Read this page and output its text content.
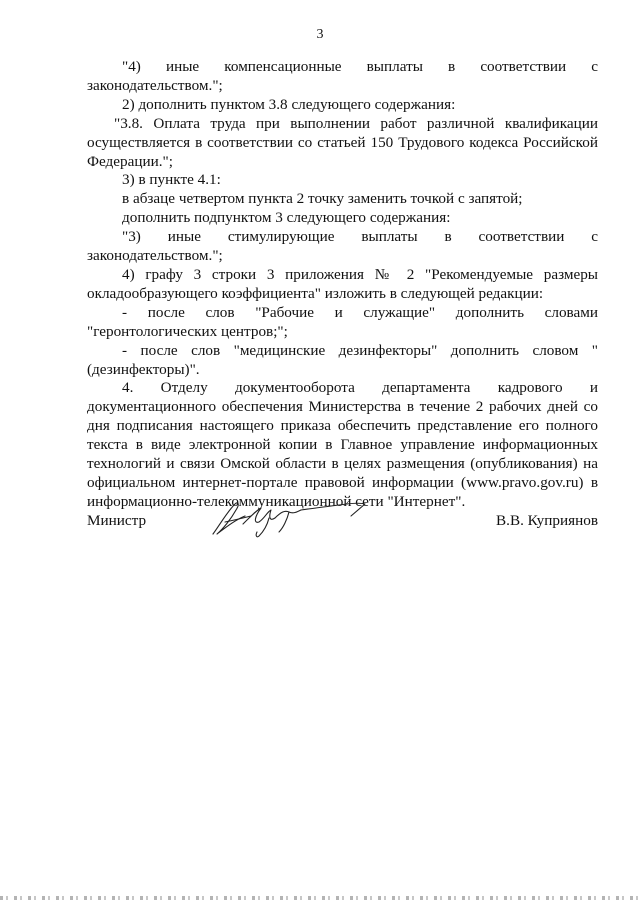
3

"4) иные компенсационные выплаты в соответствии с

законодательством.";

2) дополнить пунктом 3.8 следующего содержания:

"3.8. Оплата труда при выполнении работ различной квалификации осуществляется в соответствии со статьей 150 Трудового кодекса Российской Федерации.";

3) в пункте 4.1:

в абзаце четвертом пункта 2 точку заменить точкой с запятой;

дополнить подпунктом 3 следующего содержания:

"3) иные стимулирующие выплаты в соответствии с

законодательством.";

4) графу 3 строки 3 приложения № 2 "Рекомендуемые размеры окладообразующего коэффициента" изложить в следующей редакции:

- после слов "Рабочие и служащие" дополнить словами "геронтологических центров;";

- после слов "медицинские дезинфекторы" дополнить словом "(дезинфекторы)".

4. Отделу документооборота департамента кадрового и документационного обеспечения Министерства в течение 2 рабочих дней со дня подписания настоящего приказа обеспечить представление его полного текста в виде электронной копии в Главное управление информационных технологий и связи Омской области в целях размещения (опубликования) на официальном интернет-портале правовой информации (www.pravo.gov.ru) в информационно-телекоммуникационной сети "Интернет".

Министр	В.В. Куприянов
